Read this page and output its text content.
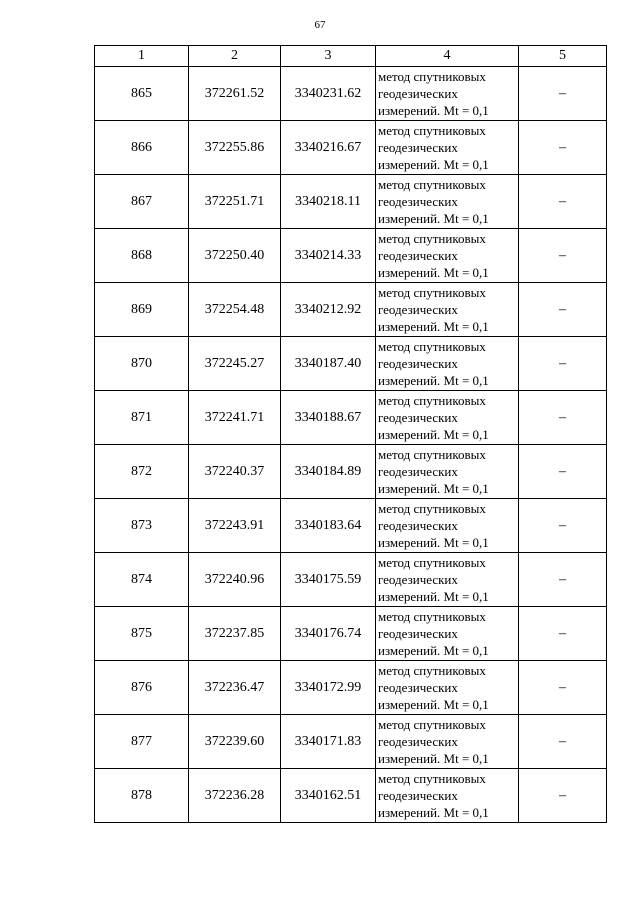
67
1	2	3	4	5
865	372261.52	3340231.62	метод спутниковых
геодезических
измерений. Mt = 0,1	–
866	372255.86	3340216.67	метод спутниковых
геодезических
измерений. Mt = 0,1	–
867	372251.71	3340218.11	метод спутниковых
геодезических
измерений. Mt = 0,1	–
868	372250.40	3340214.33	метод спутниковых
геодезических
измерений. Mt = 0,1	–
869	372254.48	3340212.92	метод спутниковых
геодезических
измерений. Mt = 0,1	–
870	372245.27	3340187.40	метод спутниковых
геодезических
измерений. Mt = 0,1	–
871	372241.71	3340188.67	метод спутниковых
геодезических
измерений. Mt = 0,1	–
872	372240.37	3340184.89	метод спутниковых
геодезических
измерений. Mt = 0,1	–
873	372243.91	3340183.64	метод спутниковых
геодезических
измерений. Mt = 0,1	–
874	372240.96	3340175.59	метод спутниковых
геодезических
измерений. Mt = 0,1	–
875	372237.85	3340176.74	метод спутниковых
геодезических
измерений. Mt = 0,1	–
876	372236.47	3340172.99	метод спутниковых
геодезических
измерений. Mt = 0,1	–
877	372239.60	3340171.83	метод спутниковых
геодезических
измерений. Mt = 0,1	–
878	372236.28	3340162.51	метод спутниковых
геодезических
измерений. Mt = 0,1	–
